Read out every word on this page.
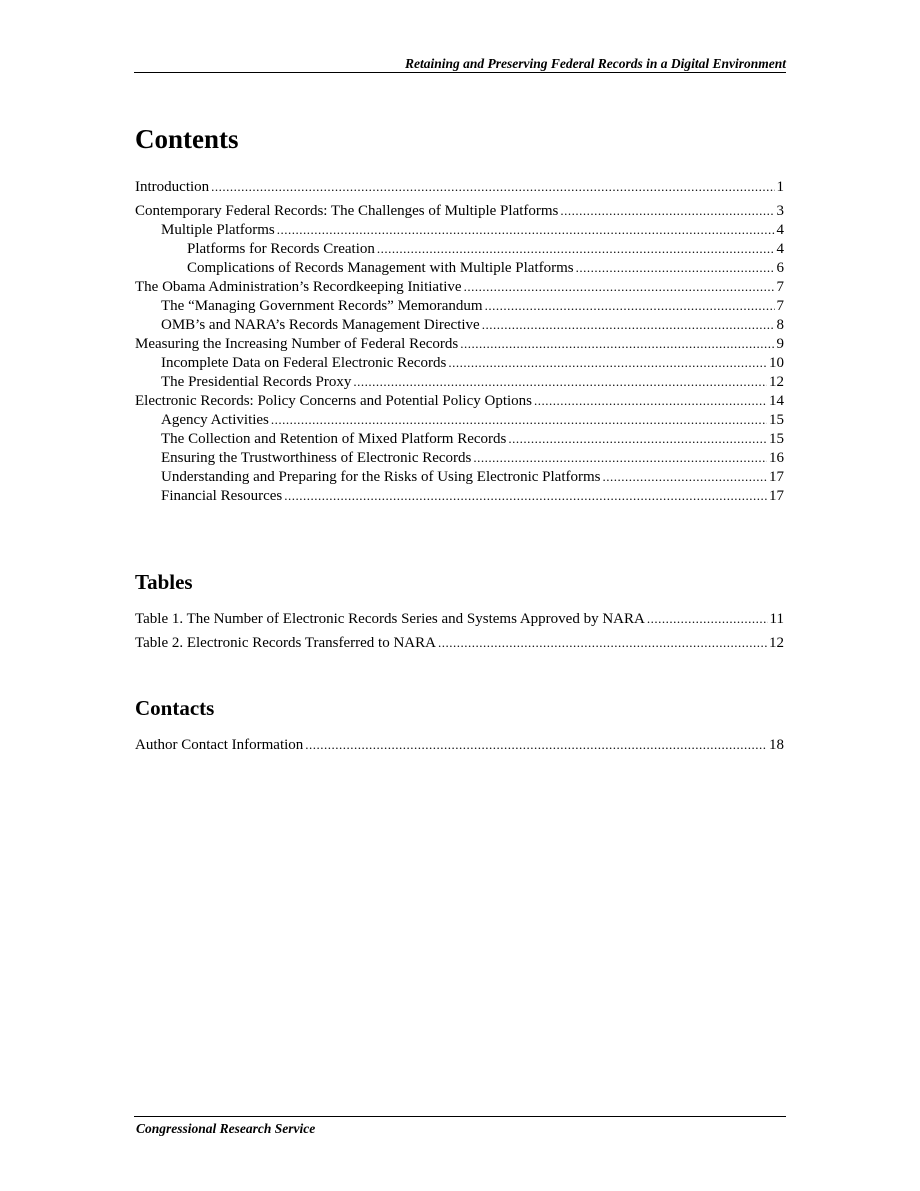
Retaining and Preserving Federal Records in a Digital Environment
Contents
Introduction .....	1
Contemporary Federal Records: The Challenges of Multiple Platforms .....	3
Multiple Platforms .....	4
Platforms for Records Creation .....	4
Complications of Records Management with Multiple Platforms .....	6
The Obama Administration’s Recordkeeping Initiative .....	7
The “Managing Government Records” Memorandum .....	7
OMB’s and NARA’s Records Management Directive .....	8
Measuring the Increasing Number of Federal Records .....	9
Incomplete Data on Federal Electronic Records .....	10
The Presidential Records Proxy .....	12
Electronic Records: Policy Concerns and Potential Policy Options .....	14
Agency Activities .....	15
The Collection and Retention of Mixed Platform Records .....	15
Ensuring the Trustworthiness of Electronic Records .....	16
Understanding and Preparing for the Risks of Using Electronic Platforms .....	17
Financial Resources .....	17
Tables
Table 1. The Number of Electronic Records Series and Systems Approved by NARA .....	11
Table 2. Electronic Records Transferred to NARA .....	12
Contacts
Author Contact Information .....	18
Congressional Research Service
